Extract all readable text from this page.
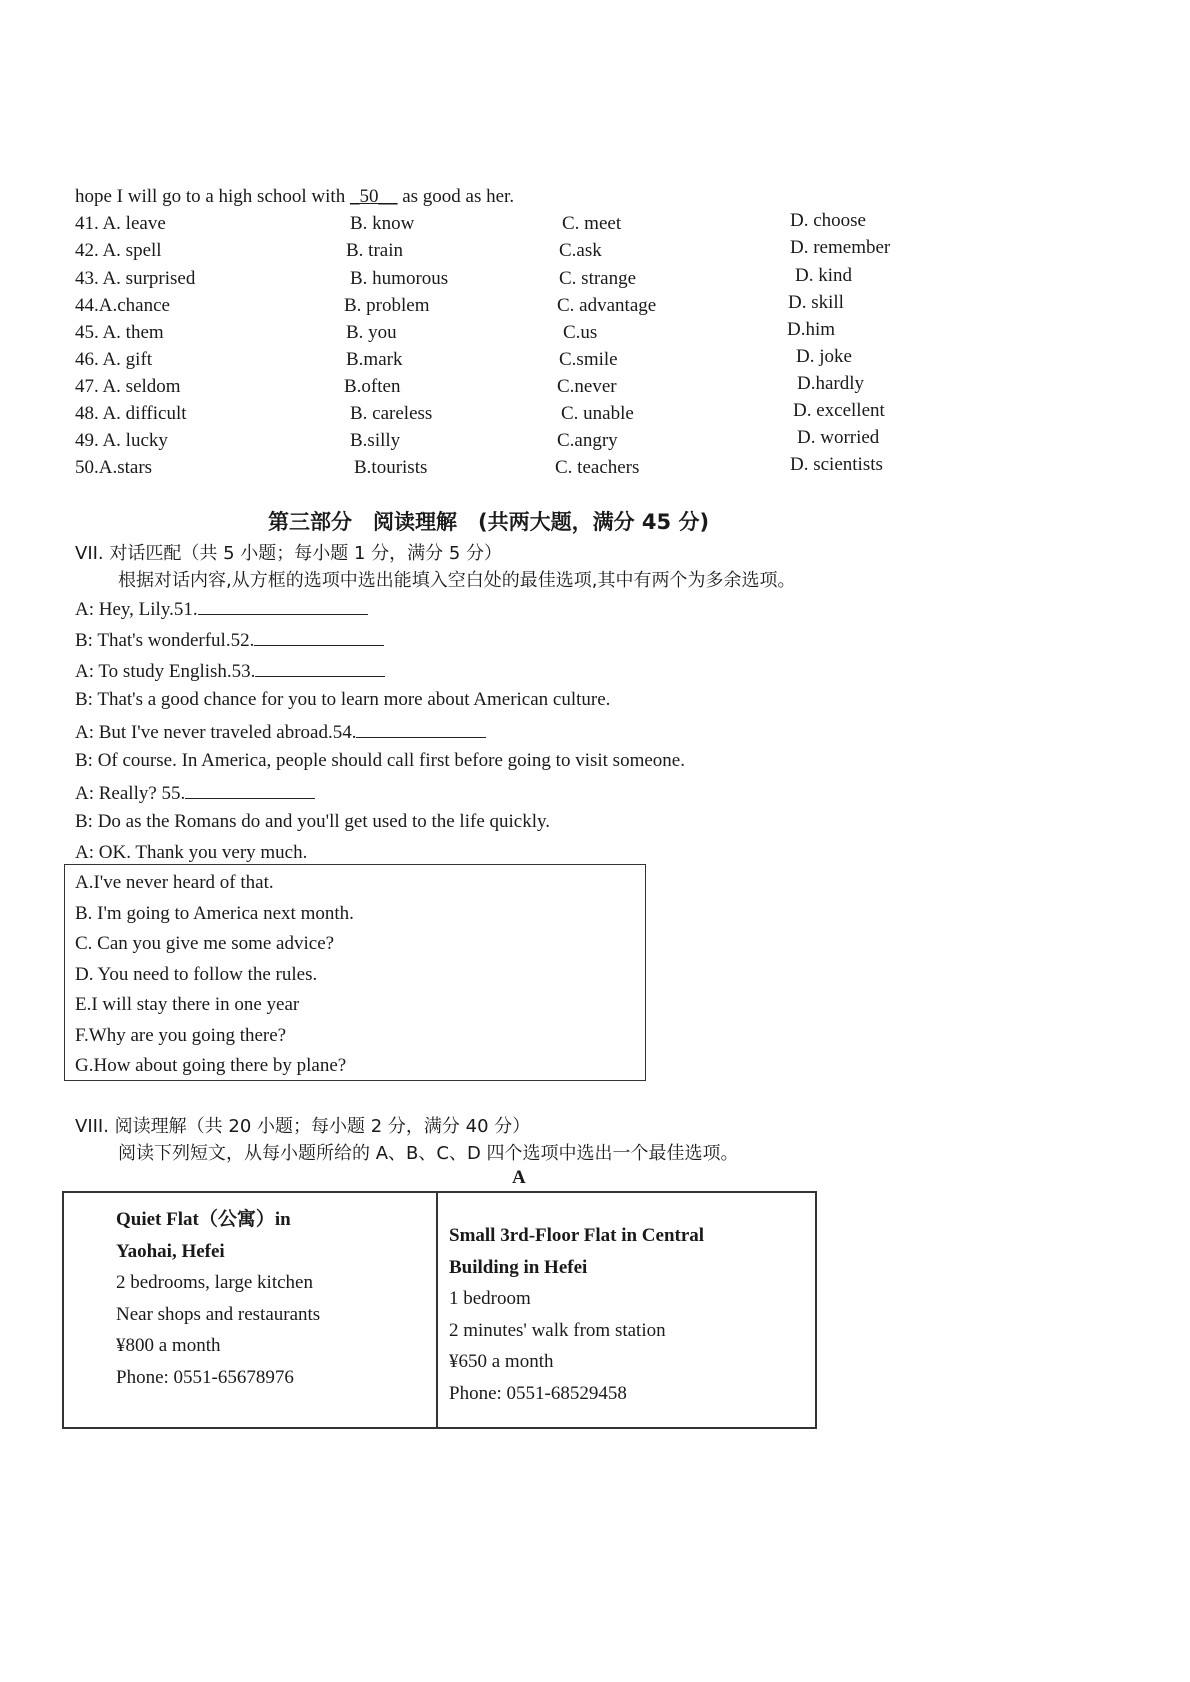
hope I will go to a high school with _50__ as good as her.
41. A. leave	B. know	C. meet	D. choose
42. A. spell	B. train	C.ask	D. remember
43. A. surprised	B. humorous	C. strange	D. kind
44.A.chance	B. problem	C. advantage	D. skill
45. A. them	B. you	C.us	D.him
46. A. gift	B.mark	C.smile	D. joke
47. A. seldom	B.often	C.never	D.hardly
48. A. difficult	B. careless	C. unable	D. excellent
49. A. lucky	B.silly	C.angry	D. worried
50.A.stars	B.tourists	C. teachers	D. scientists
第三部分　阅读理解　(共两大题，满分 45 分)
VII. 对话匹配（共 5 小题；每小题 1 分，满分 5 分）
根据对话内容,从方框的选项中选出能填入空白处的最佳选项,其中有两个为多余选项。
A: Hey, Lily.51.
B: That's wonderful.52.
A: To study English.53.
B: That's a good chance for you to learn more about American culture.
A: But I've never traveled abroad.54.
B: Of course. In America, people should call first before going to visit someone.
A: Really? 55.
B: Do as the Romans do and you'll get used to the life quickly.
A: OK. Thank you very much.
A.I've never heard of that.
B. I'm going to America next month.
C. Can you give me some advice?
D. You need to follow the rules.
E.I will stay there in one year
F.Why are you going there?
G.How about going there by plane?
VIII. 阅读理解（共 20 小题；每小题 2 分，满分 40 分）
阅读下列短文，从每小题所给的 A、B、C、D 四个选项中选出一个最佳选项。
A
Quiet Flat（公寓）in
Yaohai, Hefei
2 bedrooms, large kitchen
Near shops and restaurants
¥800 a month
Phone: 0551-65678976
Small 3rd-Floor Flat in Central
Building in Hefei
1 bedroom
2 minutes' walk from station
¥650 a month
Phone: 0551-68529458
